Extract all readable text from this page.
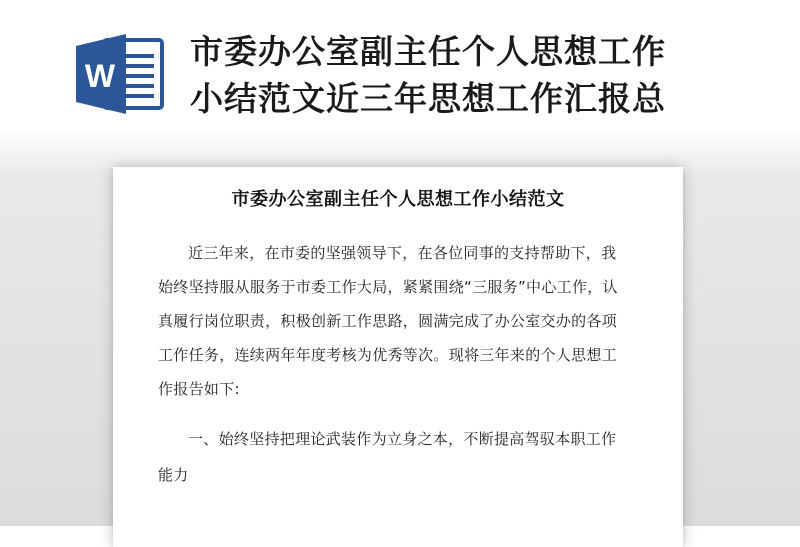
W
市委办公室副主任个人思想工作
小结范文近三年思想工作汇报总
市委办公室副主任个人思想工作小结范文
近三年来，在市委的坚强领导下，在各位同事的支持帮助下，我
始终坚持服从服务于市委工作大局，紧紧围绕“三服务”中心工作，认
真履行岗位职责，积极创新工作思路，圆满完成了办公室交办的各项
工作任务，连续两年年度考核为优秀等次。现将三年来的个人思想工
作报告如下:
一、始终坚持把理论武装作为立身之本，不断提高驾驭本职工作
能力
